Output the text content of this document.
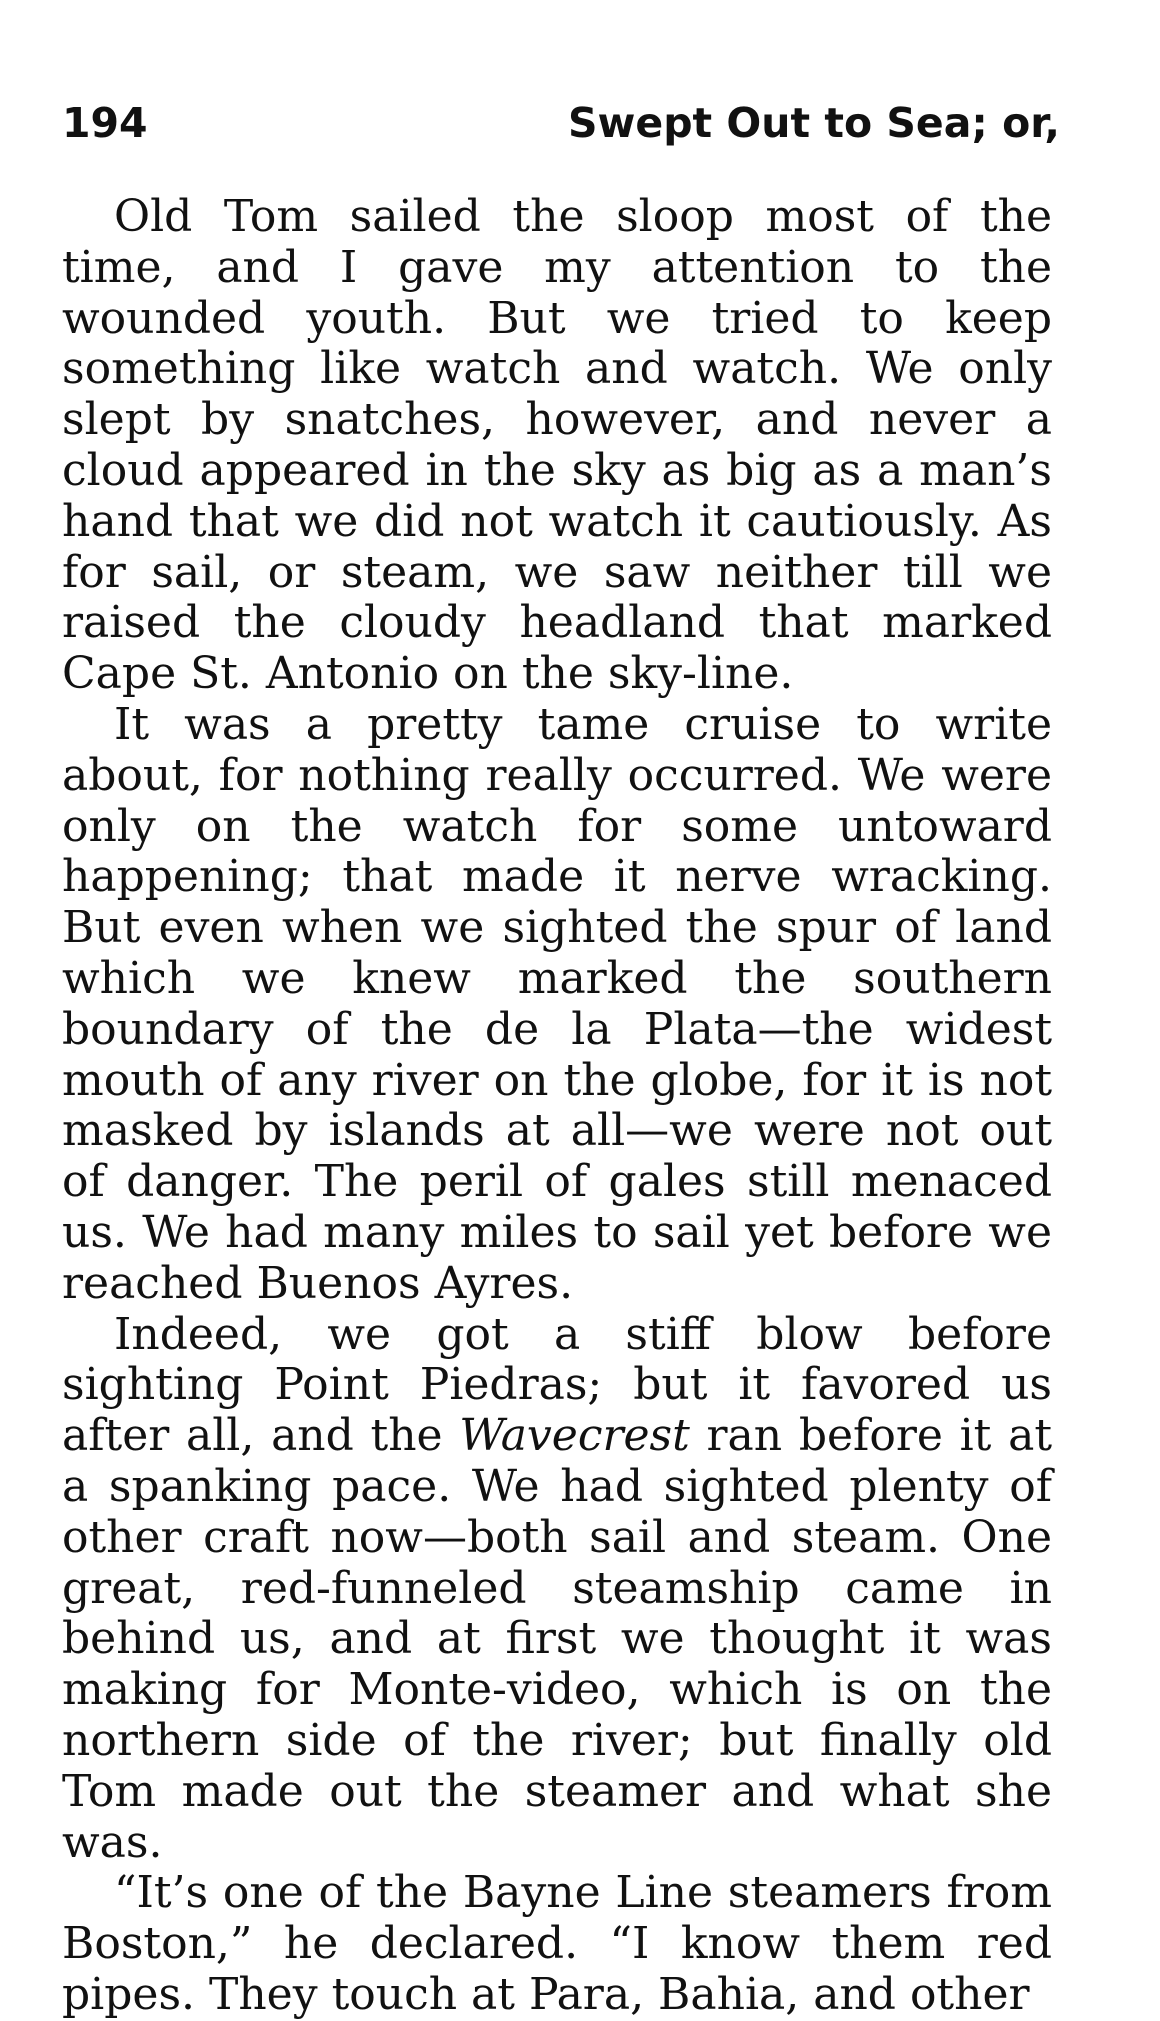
194	Swept Out to Sea; or,

Old Tom sailed the sloop most of the time, and I gave my attention to the wounded youth. But we tried to keep something like watch and watch. We only slept by snatches, however, and never a cloud appeared in the sky as big as a man’s hand that we did not watch it cautiously. As for sail, or steam, we saw neither till we raised the cloudy headland that marked Cape St. Antonio on the sky-line.

It was a pretty tame cruise to write about, for nothing really occurred. We were only on the watch for some untoward happening; that made it nerve wracking. But even when we sighted the spur of land which we knew marked the southern boundary of the de la Plata—the widest mouth of any river on the globe, for it is not masked by islands at all—we were not out of danger. The peril of gales still menaced us. We had many miles to sail yet before we reached Buenos Ayres.

Indeed, we got a stiff blow before sighting Point Piedras; but it favored us after all, and the Wavecrest ran before it at a spanking pace. We had sighted plenty of other craft now—both sail and steam. One great, red-funneled steamship came in behind us, and at first we thought it was making for Monte-video, which is on the northern side of the river; but finally old Tom made out the steamer and what she was.

“It’s one of the Bayne Line steamers from Boston,” he declared. “I know them red pipes. They touch at Para, Bahia, and other
